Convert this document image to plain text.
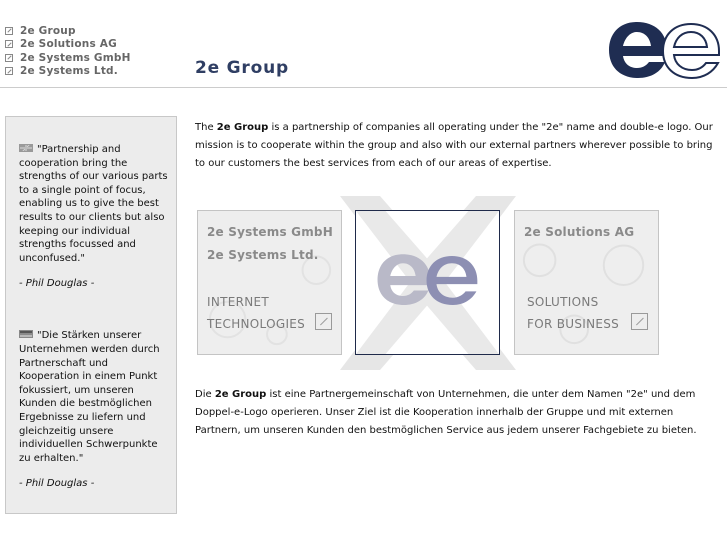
2e Group
2e Solutions AG
2e Systems GmbH
2e Systems Ltd.	2e Group
"Partnership and cooperation bring the strengths of our various parts to a single point of focus, enabling us to give the best results to our clients but also keeping our individual strengths focussed and unconfused."
- Phil Douglas -
"Die Stärken unserer Unternehmen werden durch Partnerschaft und Kooperation in einem Punkt fokussiert, um unseren Kunden die bestmöglichen Ergebnisse zu liefern und gleichzeitig unsere individuellen Schwerpunkte zu erhalten."
- Phil Douglas -

The 2e Group is a partnership of companies all operating under the "2e" name and double-e logo. Our mission is to cooperate within the group and also with our external partners wherever possible to bring to our customers the best services from each of our areas of expertise.

2e Systems GmbH
2e Systems Ltd.
INTERNET
TECHNOLOGIES
2e Solutions AG
SOLUTIONS
FOR BUSINESS

Die 2e Group ist eine Partnergemeinschaft von Unternehmen, die unter dem Namen "2e" und dem Doppel-e-Logo operieren. Unser Ziel ist die Kooperation innerhalb der Gruppe und mit externen Partnern, um unseren Kunden den bestmöglichen Service aus jedem unserer Fachgebiete zu bieten.
